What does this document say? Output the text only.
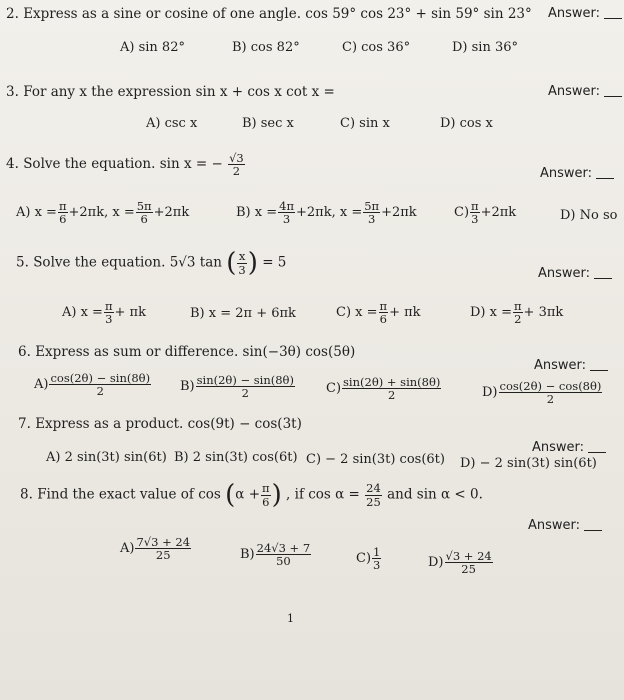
2. Express as a sine or cosine of one angle. cos 59° cos 23° + sin 59° sin 23° Answer:
A) sin 82°	B) cos 82°	C) cos 36°	D) sin 36°
3. For any x the expression sin x + cos x cot x =	Answer:
A) csc x	B) sec x	C) sin x	D) cos x
4. Solve the equation. sin x = − $\frac{√3}{2}$	Answer:
A) $x = \frac{\pi}{6} +2\pi k$, $x = \frac{5\pi}{6} +2\pi k$	B) $x = \frac{4\pi}{3} +2\pi k$, $x = \frac{5\pi}{3} +2\pi k$	$C) \frac{\pi}{3} +2\pi k$	D) No so
5. Solve the equation. 5√3 tan ( $\frac{x}{3}$ ) = 5
Answer:
A) $x = \frac{\pi}{3} + \pi k$	B) x = 2π + 6πk	C) $x = \frac{\pi}{6} + \pi k$	D) $x = \frac{\pi}{2} + 3\pi k$
6. Express as sum or difference. sin(−3θ) cos(5θ)
Answer:
$A) \frac{\cos(2\theta) - \sin(8\theta)}{2} B) \frac{\sin(2\theta) - \sin(8\theta)}{2} C) \frac{\sin(2\theta) + \sin(8\theta)}{2}$	$D) \frac{\cos(2\theta) - \cos(8\theta)}{2}$
7. Express as a product. cos(9t) − cos(3t)
Answer:
A) 2 sin(3t) sin(6t) B) 2 sin(3t) cos(6t) C) − 2 sin(3t) cos(6t) D) − 2 sin(3t) sin(6t)
8. Find the exact value of $\cos (\alpha + \frac{\pi}{6}$ ) , if $\cos \alpha = \frac{24}{25}$ and sin α < 0.
Answer:
$A) \frac{7√3 + 24}{25}$	$B) \frac{24√3 + 7}{50}$	$C) \frac{1}{3}$	$D) \frac{√3 + 24}{25}$
1
